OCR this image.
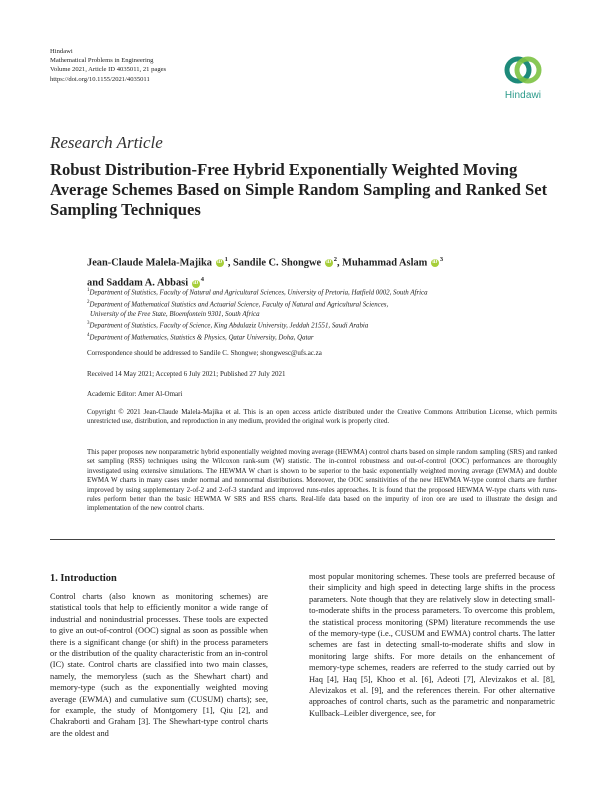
Hindawi
Mathematical Problems in Engineering
Volume 2021, Article ID 4035011, 21 pages
https://doi.org/10.1155/2021/4035011
Hindawi
Research Article
Robust Distribution-Free Hybrid Exponentially Weighted Moving Average Schemes Based on Simple Random Sampling and Ranked Set Sampling Techniques
Jean-Claude Malela-Majika iD $^1$, Sandile C. Shongwe iD $^2$, Muhammad Aslam iD $^3$
and Saddam A. Abbasi iD $^4$
$^1$Department of Statistics, Faculty of Natural and Agricultural Sciences, University of Pretoria, Hatfield 0002, South Africa
$^2$Department of Mathematical Statistics and Actuarial Science, Faculty of Natural and Agricultural Sciences,
University of the Free State, Bloemfontein 9301, South Africa
$^3$Department of Statistics, Faculty of Science, King Abdulaziz University, Jeddah 21551, Saudi Arabia
$^4$Department of Mathematics, Statistics & Physics, Qatar University, Doha, Qatar
Correspondence should be addressed to Sandile C. Shongwe; shongwesc@ufs.ac.za
Received 14 May 2021; Accepted 6 July 2021; Published 27 July 2021
Academic Editor: Amer Al-Omari
Copyright © 2021 Jean-Claude Malela-Majika et al. This is an open access article distributed under the Creative Commons Attribution License, which permits unrestricted use, distribution, and reproduction in any medium, provided the original work is properly cited.
This paper proposes new nonparametric hybrid exponentially weighted moving average (HEWMA) control charts based on simple random sampling (SRS) and ranked set sampling (RSS) techniques using the Wilcoxon rank-sum (W) statistic. The in-control robustness and out-of-control (OOC) performances are thoroughly investigated using extensive simulations. The HEWMA W chart is shown to be superior to the basic exponentially weighted moving average (EWMA) and double EWMA W charts in many cases under normal and nonnormal distributions. Moreover, the OOC sensitivities of the new HEWMA W-type control charts are further improved by using supplementary 2-of-2 and 2-of-3 standard and improved runs-rules approaches. It is found that the proposed HEWMA W-type charts with runs-rules perform better than the basic HEWMA W SRS and RSS charts. Real-life data based on the impurity of iron ore are used to illustrate the design and implementation of the new control charts.
1. Introduction
Control charts (also known as monitoring schemes) are statistical tools that help to efficiently monitor a wide range of industrial and nonindustrial processes. These tools are expected to give an out-of-control (OOC) signal as soon as possible when there is a significant change (or shift) in the process parameters or the distribution of the quality characteristic from an in-control (IC) state. Control charts are classified into two main classes, namely, the memoryless (such as the Shewhart chart) and memory-type (such as the exponentially weighted moving average (EWMA) and cumulative sum (CUSUM) charts); see, for example, the study of Montgomery [1], Qiu [2], and Chakraborti and Graham [3]. The Shewhart-type control charts are the oldest and
most popular monitoring schemes. These tools are preferred because of their simplicity and high speed in detecting large shifts in the process parameters. Note though that they are relatively slow in detecting small-to-moderate shifts in the process parameters. To overcome this problem, the statistical process monitoring (SPM) literature recommends the use of the memory-type (i.e., CUSUM and EWMA) control charts. The latter schemes are fast in detecting small-to-moderate shifts and slow in monitoring large shifts. For more details on the enhancement of memory-type schemes, readers are referred to the study carried out by Haq [4], Haq [5], Khoo et al. [6], Adeoti [7], Alevizakos et al. [8], Alevizakos et al. [9], and the references therein. For other alternative approaches of control charts, such as the parametric and nonparametric Kullback–Leibler divergence, see, for
